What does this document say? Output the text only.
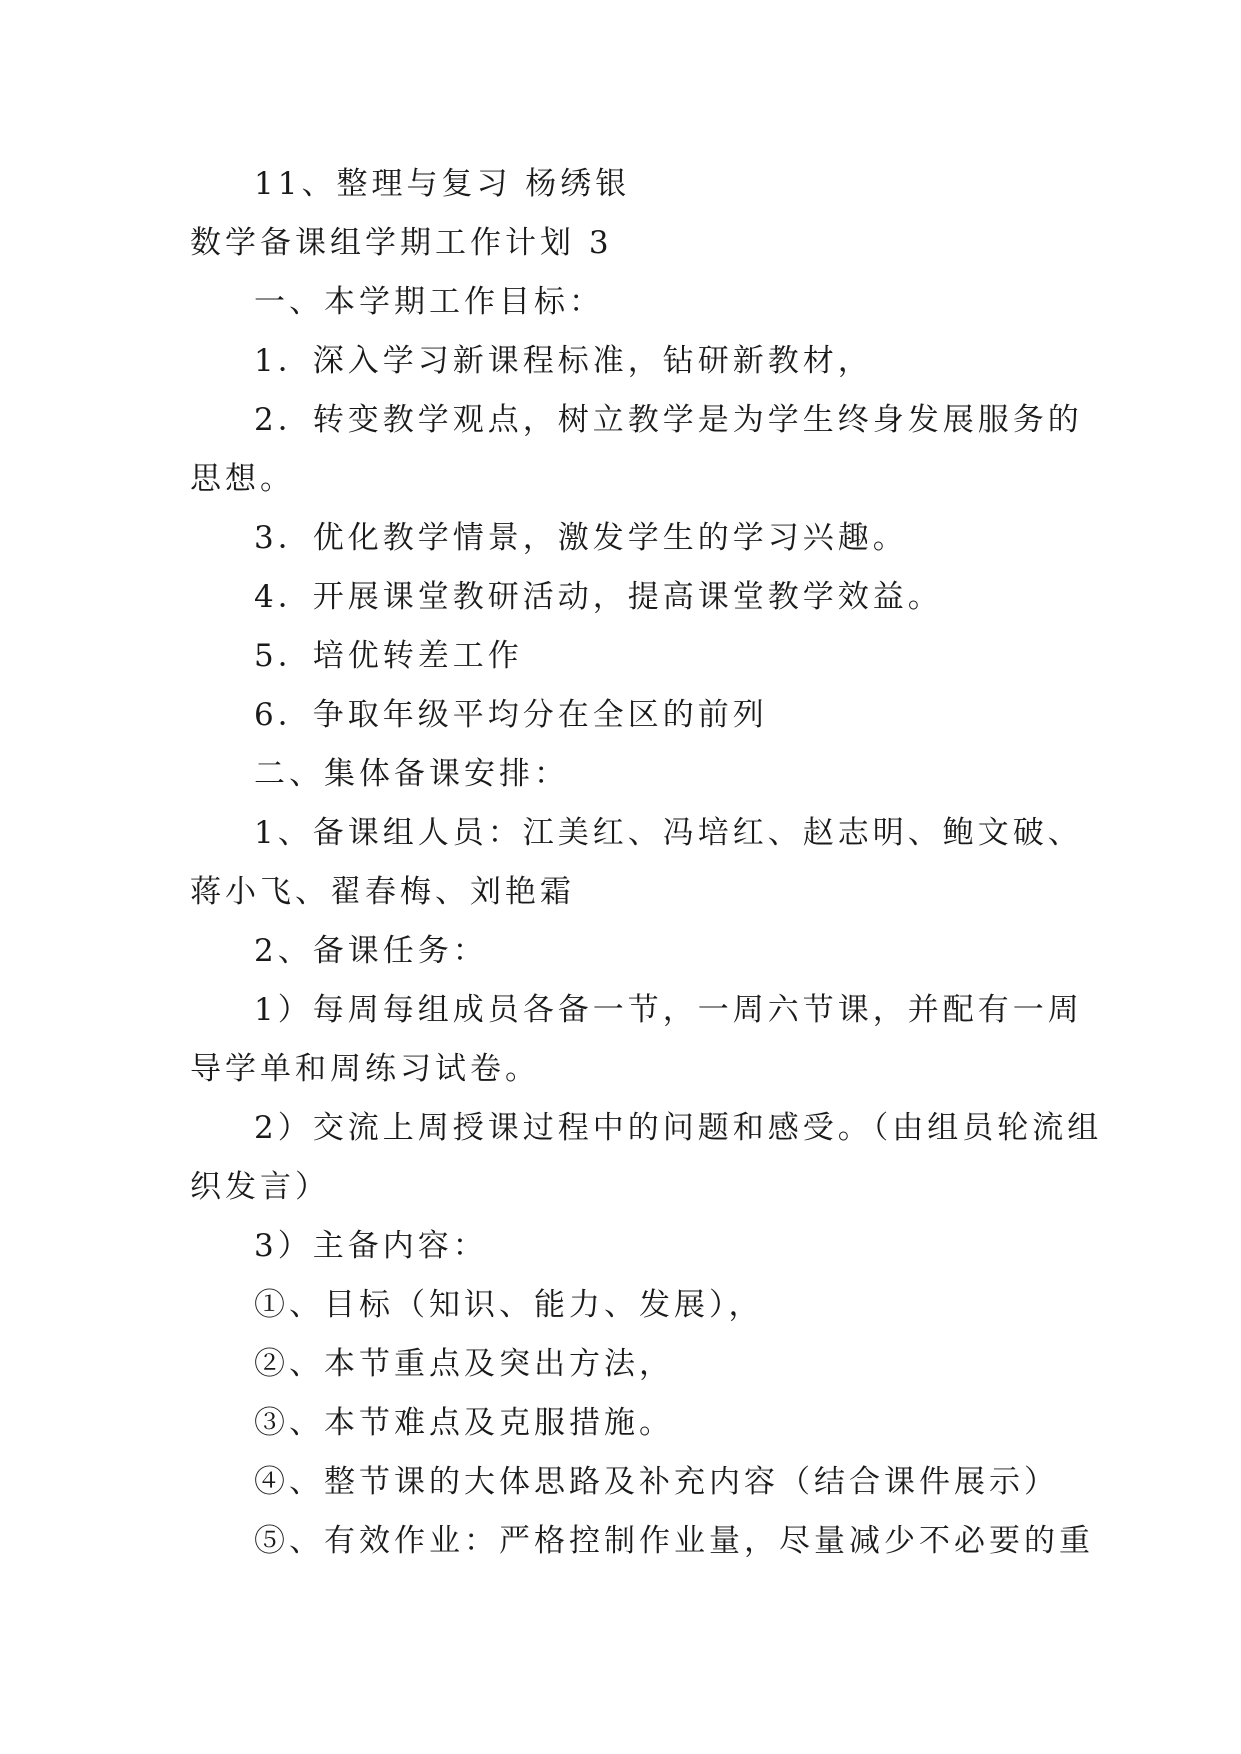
11、整理与复习 杨绣银
数学备课组学期工作计划 3
一、本学期工作目标：
1．深入学习新课程标准，钻研新教材，
2．转变教学观点，树立教学是为学生终身发展服务的
思想。
3．优化教学情景，激发学生的学习兴趣。
4．开展课堂教研活动，提高课堂教学效益。
5．培优转差工作
6．争取年级平均分在全区的前列
二、集体备课安排：
1、备课组人员：江美红、冯培红、赵志明、鲍文破、
蒋小飞、翟春梅、刘艳霜
2、备课任务：
1）每周每组成员各备一节，一周六节课，并配有一周
导学单和周练习试卷。
2）交流上周授课过程中的问题和感受。（由组员轮流组
织发言）
3）主备内容：
①、目标（知识、能力、发展），
②、本节重点及突出方法，
③、本节难点及克服措施。
④、整节课的大体思路及补充内容（结合课件展示）
⑤、有效作业：严格控制作业量，尽量减少不必要的重
